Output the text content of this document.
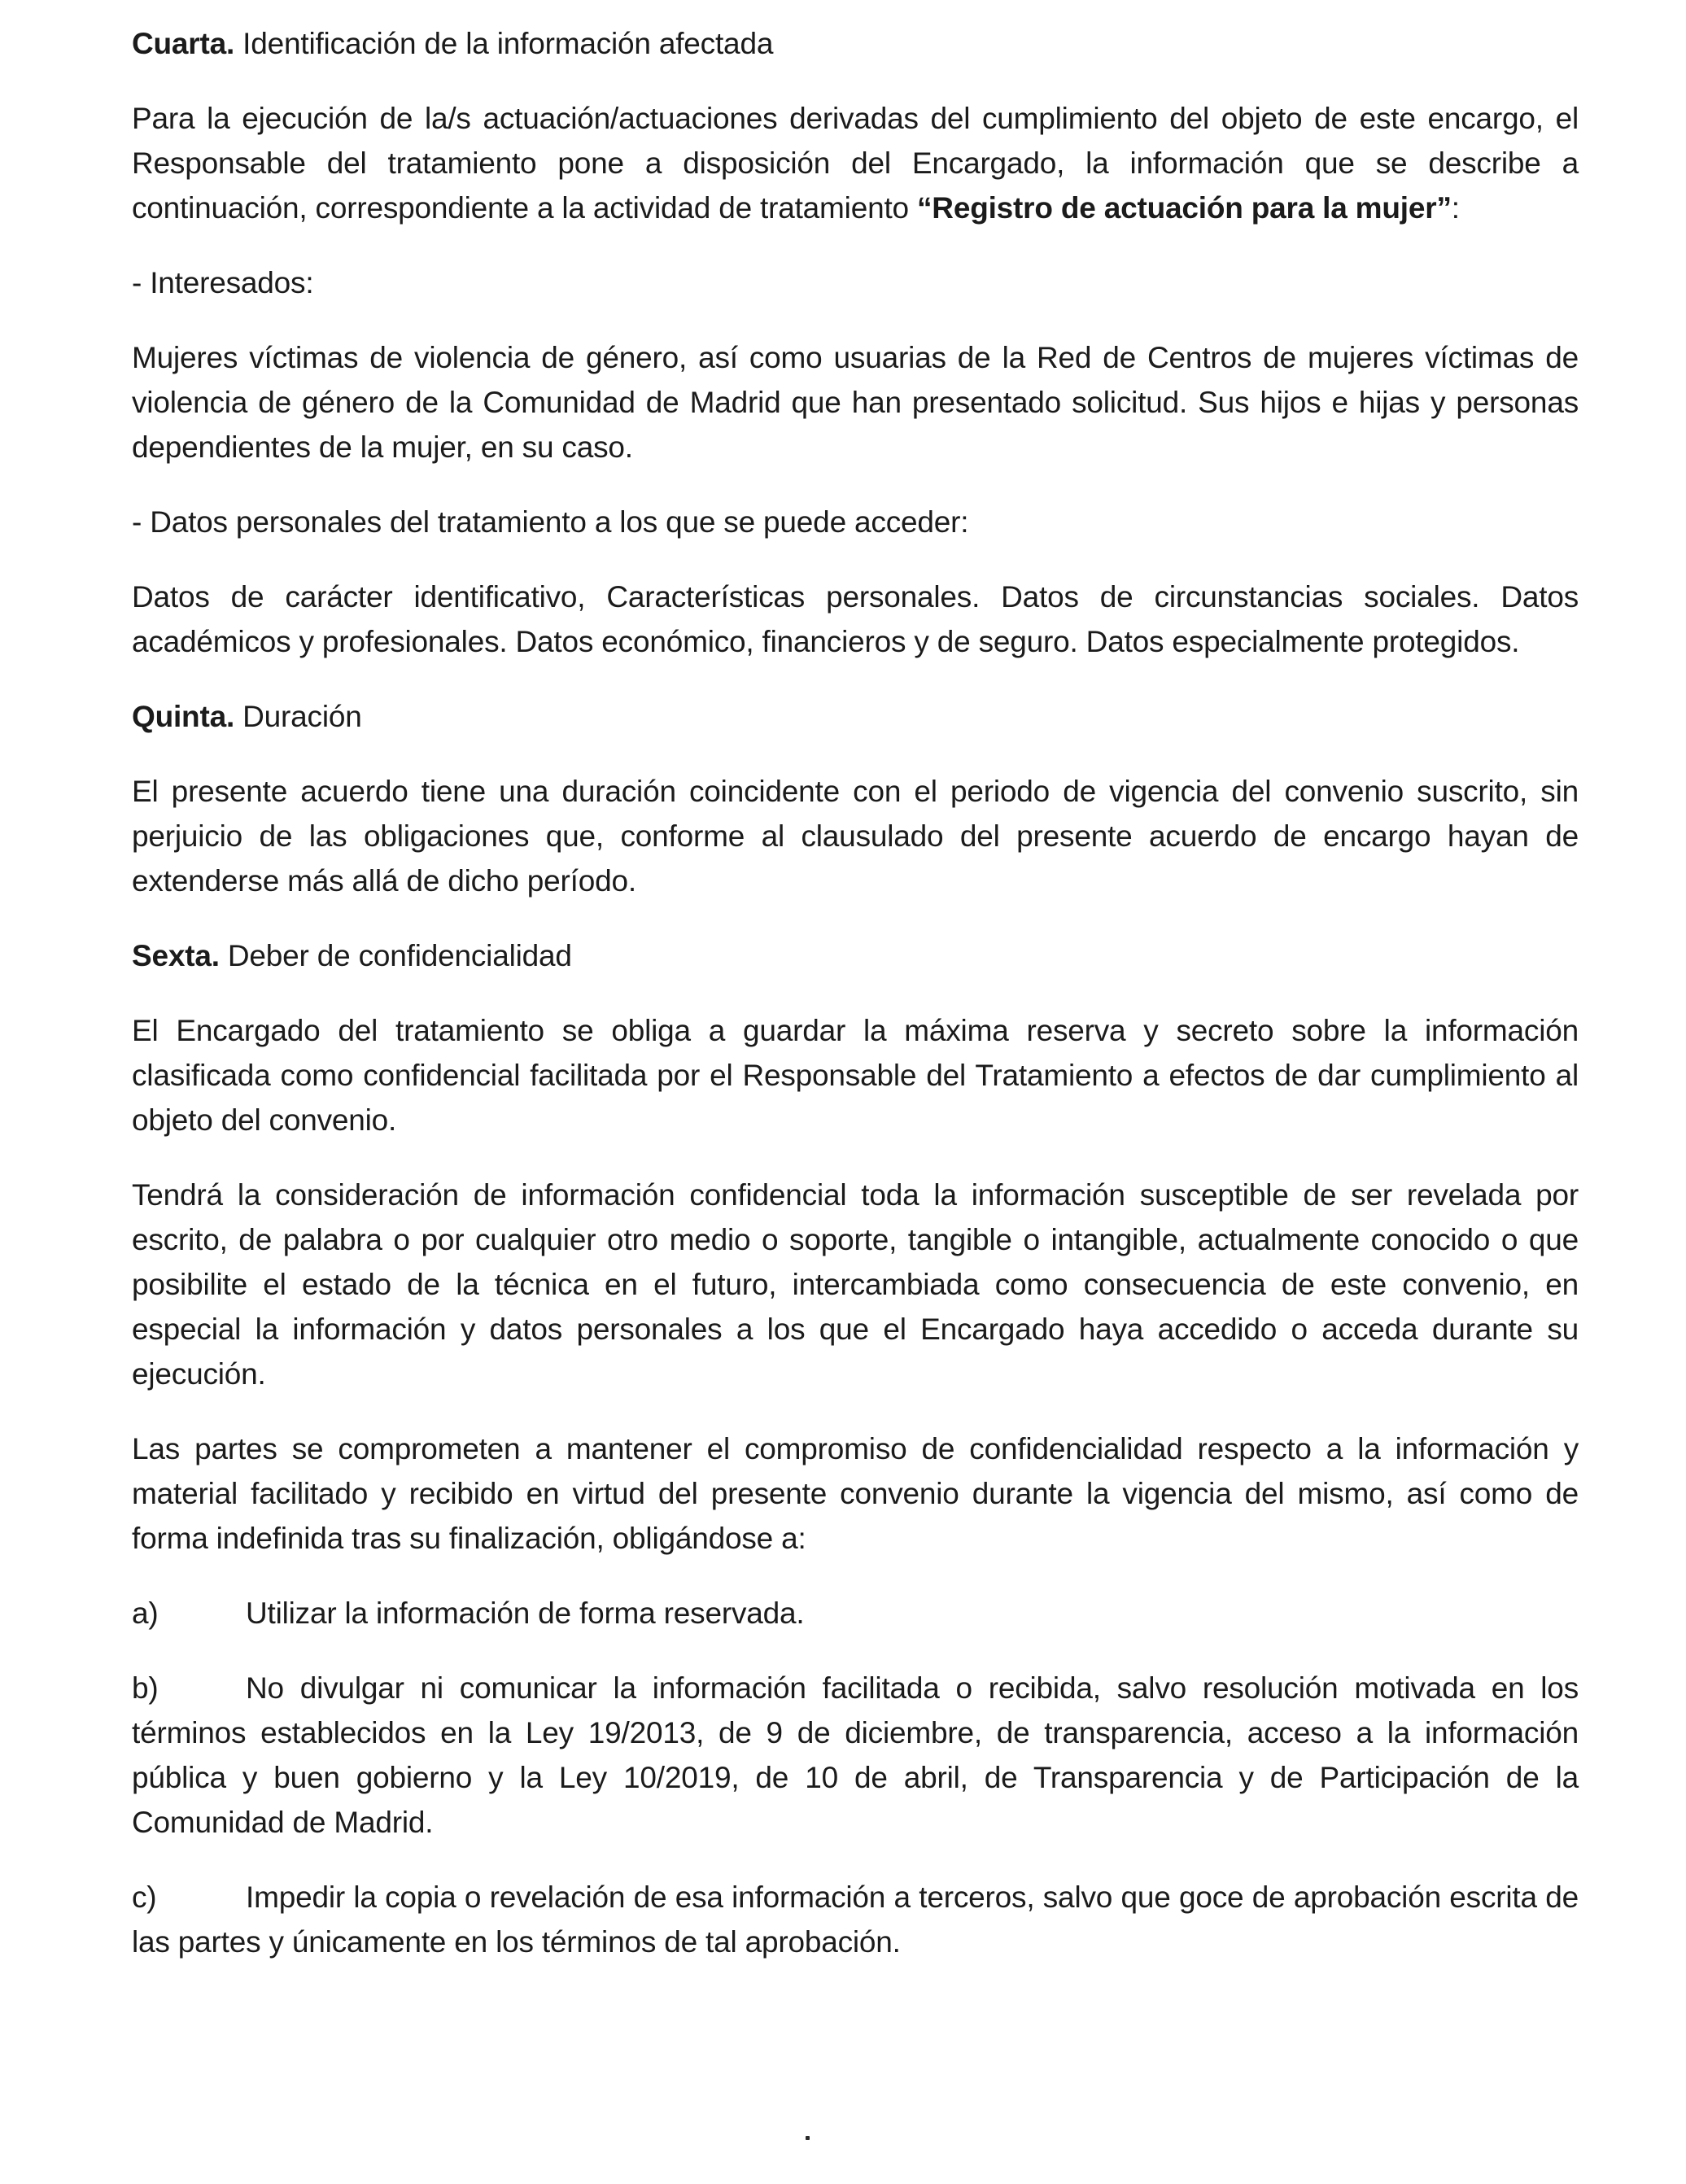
Cuarta. Identificación de la información afectada

Para la ejecución de la/s actuación/actuaciones derivadas del cumplimiento del objeto de este encargo, el Responsable del tratamiento pone a disposición del Encargado, la información que se describe a continuación, correspondiente a la actividad de tratamiento “Registro de actuación para la mujer”:

- Interesados:

Mujeres víctimas de violencia de género, así como usuarias de la Red de Centros de mujeres víctimas de violencia de género de la Comunidad de Madrid que han presentado solicitud. Sus hijos e hijas y personas dependientes de la mujer, en su caso.

- Datos personales del tratamiento a los que se puede acceder:

Datos de carácter identificativo, Características personales. Datos de circunstancias sociales. Datos académicos y profesionales. Datos económico, financieros y de seguro. Datos especialmente protegidos.

Quinta. Duración

El presente acuerdo tiene una duración coincidente con el periodo de vigencia del convenio suscrito, sin perjuicio de las obligaciones que, conforme al clausulado del presente acuerdo de encargo hayan de extenderse más allá de dicho período.

Sexta. Deber de confidencialidad

El Encargado del tratamiento se obliga a guardar la máxima reserva y secreto sobre la información clasificada como confidencial facilitada por el Responsable del Tratamiento a efectos de dar cumplimiento al objeto del convenio.

Tendrá la consideración de información confidencial toda la información susceptible de ser revelada por escrito, de palabra o por cualquier otro medio o soporte, tangible o intangible, actualmente conocido o que posibilite el estado de la técnica en el futuro, intercambiada como consecuencia de este convenio, en especial la información y datos personales a los que el Encargado haya accedido o acceda durante su ejecución.

Las partes se comprometen a mantener el compromiso de confidencialidad respecto a la información y material facilitado y recibido en virtud del presente convenio durante la vigencia del mismo, así como de forma indefinida tras su finalización, obligándose a:

a)	Utilizar la información de forma reservada.

b)	No divulgar ni comunicar la información facilitada o recibida, salvo resolución motivada en los términos establecidos en la Ley 19/2013, de 9 de diciembre, de transparencia, acceso a la información pública y buen gobierno y la Ley 10/2019, de 10 de abril, de Transparencia y de Participación de la Comunidad de Madrid.

c)	Impedir la copia o revelación de esa información a terceros, salvo que goce de aprobación escrita de las partes y únicamente en los términos de tal aprobación.
